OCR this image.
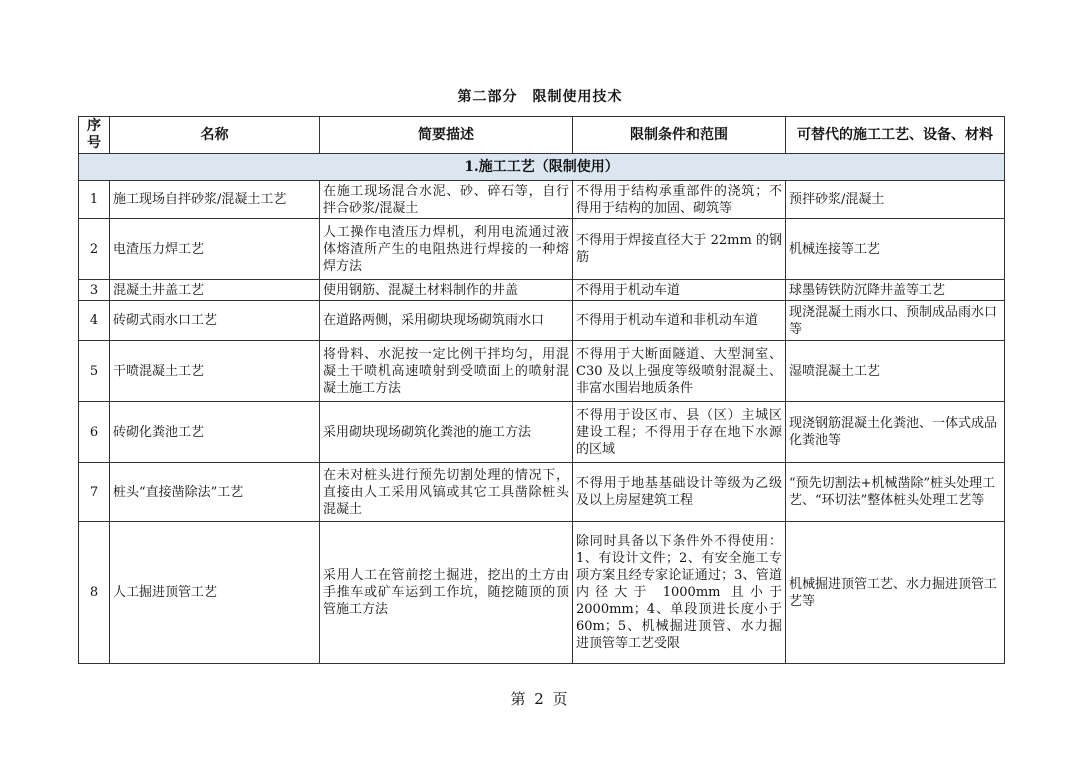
第二部分　限制使用技术
序号	名称	简要描述	限制条件和范围	可替代的施工工艺、设备、材料
1.施工工艺（限制使用）				
1	施工现场自拌砂浆/混凝土工艺	在施工现场混合水泥、砂、碎石等，自行拌合砂浆/混凝土	不得用于结构承重部件的浇筑；不得用于结构的加固、砌筑等	预拌砂浆/混凝土
2	电渣压力焊工艺	人工操作电渣压力焊机，利用电流通过液体熔渣所产生的电阻热进行焊接的一种熔焊方法	不得用于焊接直径大于 22mm 的钢筋	机械连接等工艺
3	混凝土井盖工艺	使用钢筋、混凝土材料制作的井盖	不得用于机动车道	球墨铸铁防沉降井盖等工艺
4	砖砌式雨水口工艺	在道路两侧，采用砌块现场砌筑雨水口	不得用于机动车道和非机动车道	现浇混凝土雨水口、预制成品雨水口等
5	干喷混凝土工艺	将骨料、水泥按一定比例干拌均匀，用混凝土干喷机高速喷射到受喷面上的喷射混凝土施工方法	不得用于大断面隧道、大型洞室、C30 及以上强度等级喷射混凝土、非富水围岩地质条件	湿喷混凝土工艺
6	砖砌化粪池工艺	采用砌块现场砌筑化粪池的施工方法	不得用于设区市、县（区）主城区建设工程；不得用于存在地下水源的区域	现浇钢筋混凝土化粪池、一体式成品化粪池等
7	桩头“直接凿除法”工艺	在未对桩头进行预先切割处理的情况下，直接由人工采用风镐或其它工具凿除桩头混凝土	不得用于地基基础设计等级为乙级及以上房屋建筑工程	“预先切割法+机械凿除”桩头处理工艺、“环切法”整体桩头处理工艺等
8	人工掘进顶管工艺	采用人工在管前挖土掘进，挖出的土方由手推车或矿车运到工作坑，随挖随顶的顶管施工方法	除同时具备以下条件外不得使用：1、有设计文件；2、有安全施工专项方案且经专家论证通过；3、管道内径大于 1000mm 且小于 2000mm；4、单段顶进长度小于 60m；5、机械掘进顶管、水力掘进顶管等工艺受限	机械掘进顶管工艺、水力掘进顶管工艺等
第 2 页
